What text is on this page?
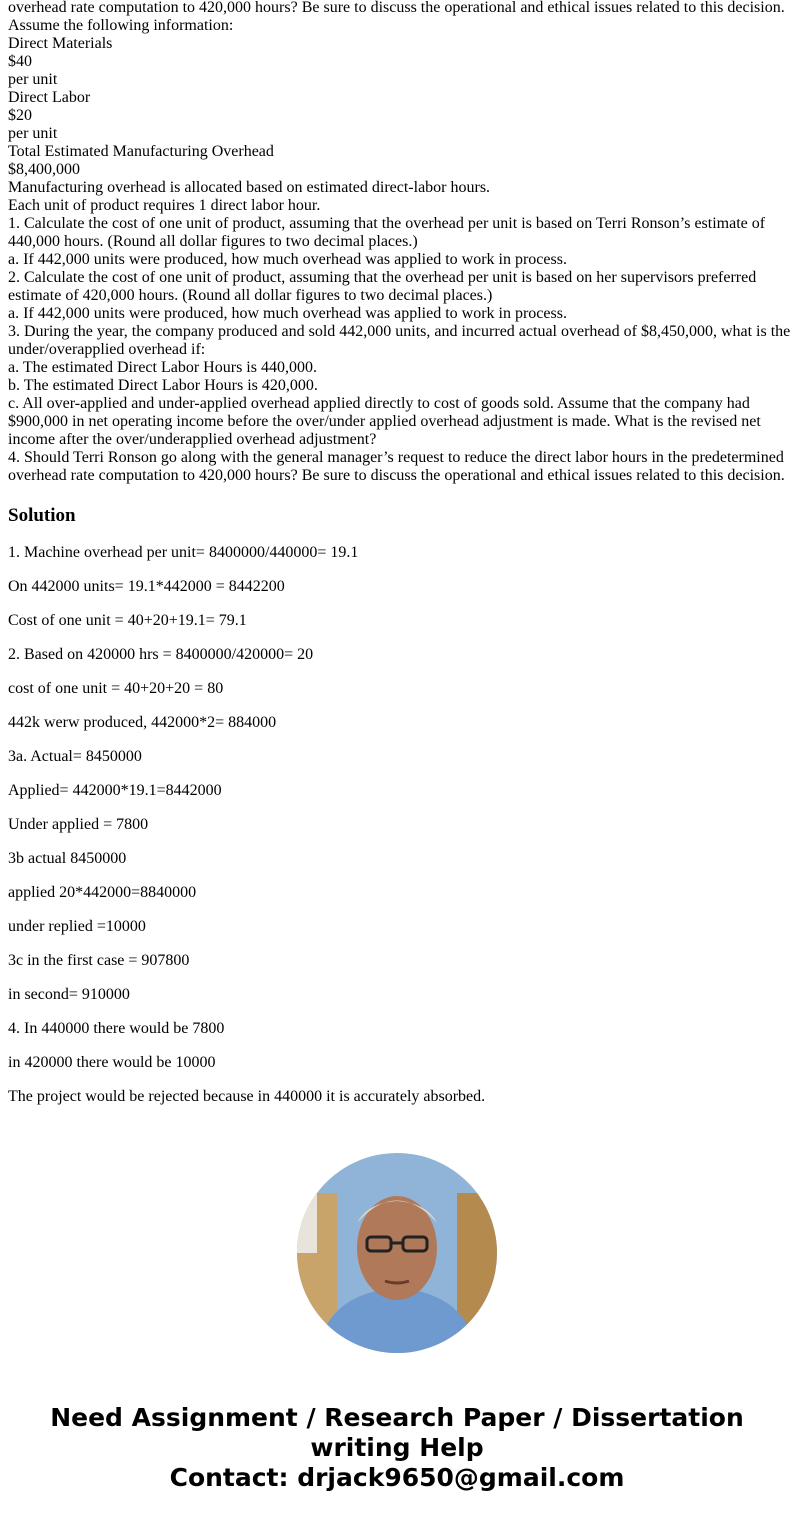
overhead rate computation to 420,000 hours? Be sure to discuss the operational and ethical issues related to this decision.
Assume the following information:
Direct Materials
$40
per unit
Direct Labor
$20
per unit
Total Estimated Manufacturing Overhead
$8,400,000
Manufacturing overhead is allocated based on estimated direct-labor hours.
Each unit of product requires 1 direct labor hour.
1. Calculate the cost of one unit of product, assuming that the overhead per unit is based on Terri Ronson’s estimate of 440,000 hours. (Round all dollar figures to two decimal places.)
a. If 442,000 units were produced, how much overhead was applied to work in process.
2. Calculate the cost of one unit of product, assuming that the overhead per unit is based on her supervisors preferred estimate of 420,000 hours. (Round all dollar figures to two decimal places.)
a. If 442,000 units were produced, how much overhead was applied to work in process.
3. During the year, the company produced and sold 442,000 units, and incurred actual overhead of $8,450,000, what is the under/overapplied overhead if:
a. The estimated Direct Labor Hours is 440,000.
b. The estimated Direct Labor Hours is 420,000.
c. All over-applied and under-applied overhead applied directly to cost of goods sold. Assume that the company had $900,000 in net operating income before the over/under applied overhead adjustment is made. What is the revised net income after the over/underapplied overhead adjustment?
4. Should Terri Ronson go along with the general manager’s request to reduce the direct labor hours in the predetermined overhead rate computation to 420,000 hours? Be sure to discuss the operational and ethical issues related to this decision.
Solution

1. Machine overhead per unit= 8400000/440000= 19.1

On 442000 units= 19.1*442000 = 8442200

Cost of one unit = 40+20+19.1= 79.1

2. Based on 420000 hrs = 8400000/420000= 20

cost of one unit = 40+20+20 = 80

442k werw produced, 442000*2= 884000

3a. Actual= 8450000

Applied= 442000*19.1=8442000

Under applied = 7800

3b actual 8450000

applied 20*442000=8840000

under replied =10000

3c in the first case = 907800

in second= 910000

4. In 440000 there would be 7800

in 420000 there would be 10000

The project would be rejected because in 440000 it is accurately absorbed.

Need Assignment / Research Paper / Dissertation writing Help
Contact: drjack9650@gmail.com
